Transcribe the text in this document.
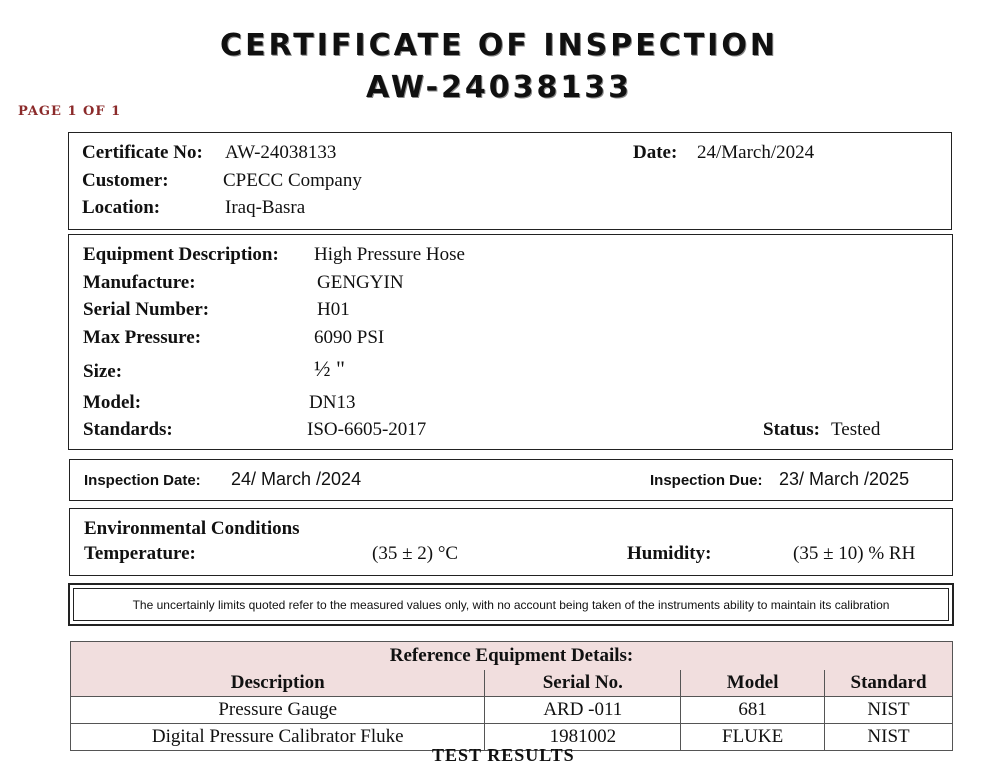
CERTIFICATE OF INSPECTION
AW-24038133
PAGE 1 OF 1
Certificate No: AW-24038133	Date: 24/March/2024
Customer:	CPECC Company
Location:	Iraq-Basra
Equipment Description: High Pressure Hose
Manufacture:	GENGYIN
Serial Number:	H01
Max Pressure:	6090 PSI
Size:	½ "
Model:	DN13
Standards:	ISO-6605-2017	Status: Tested
Inspection Date: 24/ March /2024	Inspection Due: 23/ March /2025
Environmental Conditions
Temperature:	(35 ± 2) °C	Humidity:	(35 ± 10) % RH
The uncertainly limits quoted refer to the measured values only, with no account being taken of the instruments ability to maintain its calibration
Reference Equipment Details:			
Description	Serial No.	Model	Standard
Pressure Gauge	ARD -011	681	NIST
Digital Pressure Calibrator Fluke	1981002	FLUKE	NIST
TEST RESULTS
